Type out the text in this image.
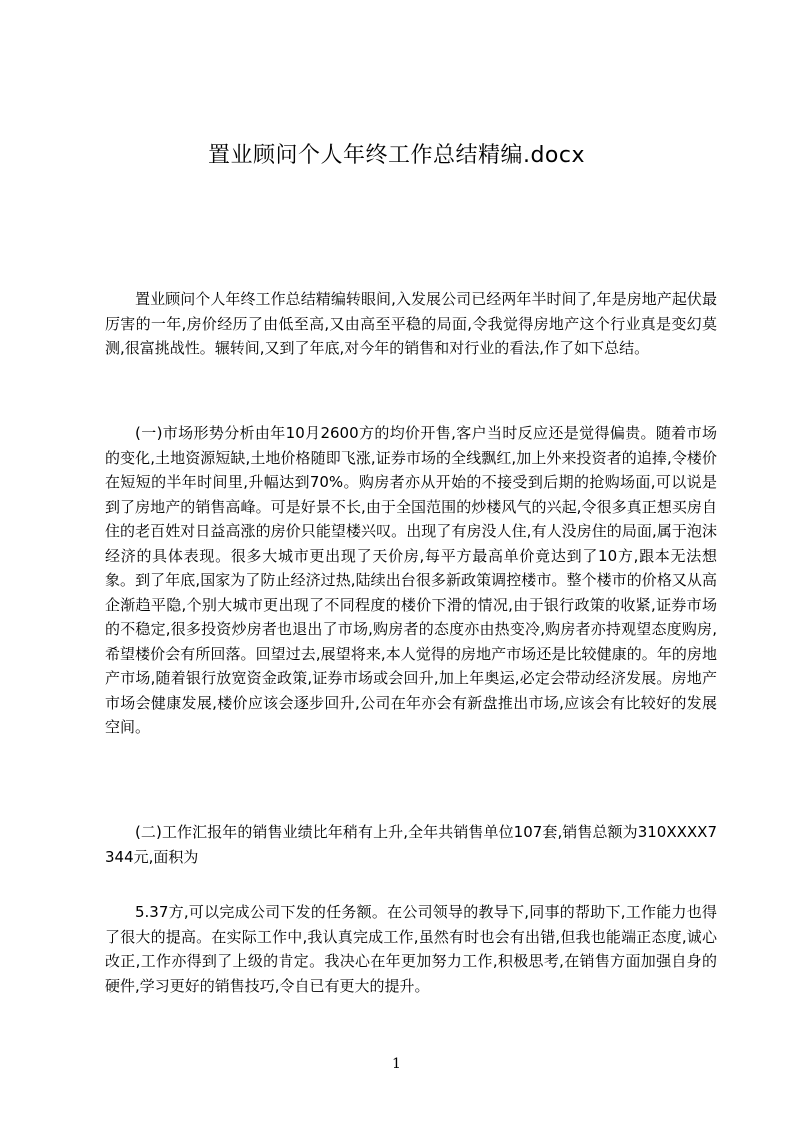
置业顾问个人年终工作总结精编.docx

置业顾问个人年终工作总结精编转眼间,入发展公司已经两年半时间了,年是房地产起伏最厉害的一年,房价经历了由低至高,又由高至平稳的局面,令我觉得房地产这个行业真是变幻莫测,很富挑战性。辗转间,又到了年底,对今年的销售和对行业的看法,作了如下总结。

(一)市场形势分析由年10月2600方的均价开售,客户当时反应还是觉得偏贵。随着市场的变化,土地资源短缺,土地价格随即飞涨,证券市场的全线飘红,加上外来投资者的追捧,令楼价在短短的半年时间里,升幅达到70%。购房者亦从开始的不接受到后期的抢购场面,可以说是到了房地产的销售高峰。可是好景不长,由于全国范围的炒楼风气的兴起,令很多真正想买房自住的老百姓对日益高涨的房价只能望楼兴叹。出现了有房没人住,有人没房住的局面,属于泡沫经济的具体表现。很多大城市更出现了天价房,每平方最高单价竟达到了10方,跟本无法想象。到了年底,国家为了防止经济过热,陆续出台很多新政策调控楼市。整个楼市的价格又从高企渐趋平隐,个别大城市更出现了不同程度的楼价下滑的情况,由于银行政策的收紧,证券市场的不稳定,很多投资炒房者也退出了市场,购房者的态度亦由热变冷,购房者亦持观望态度购房,希望楼价会有所回落。回望过去,展望将来,本人觉得的房地产市场还是比较健康的。年的房地产市场,随着银行放宽资金政策,证券市场或会回升,加上年奥运,必定会带动经济发展。房地产市场会健康发展,楼价应该会逐步回升,公司在年亦会有新盘推出市场,应该会有比较好的发展空间。

(二)工作汇报年的销售业绩比年稍有上升,全年共销售单位107套,销售总额为310XXXX7344元,面积为

5.37方,可以完成公司下发的任务额。在公司领导的教导下,同事的帮助下,工作能力也得了很大的提高。在实际工作中,我认真完成工作,虽然有时也会有出错,但我也能端正态度,诚心改正,工作亦得到了上级的肯定。我决心在年更加努力工作,积极思考,在销售方面加强自身的硬件,学习更好的销售技巧,令自已有更大的提升。

1
